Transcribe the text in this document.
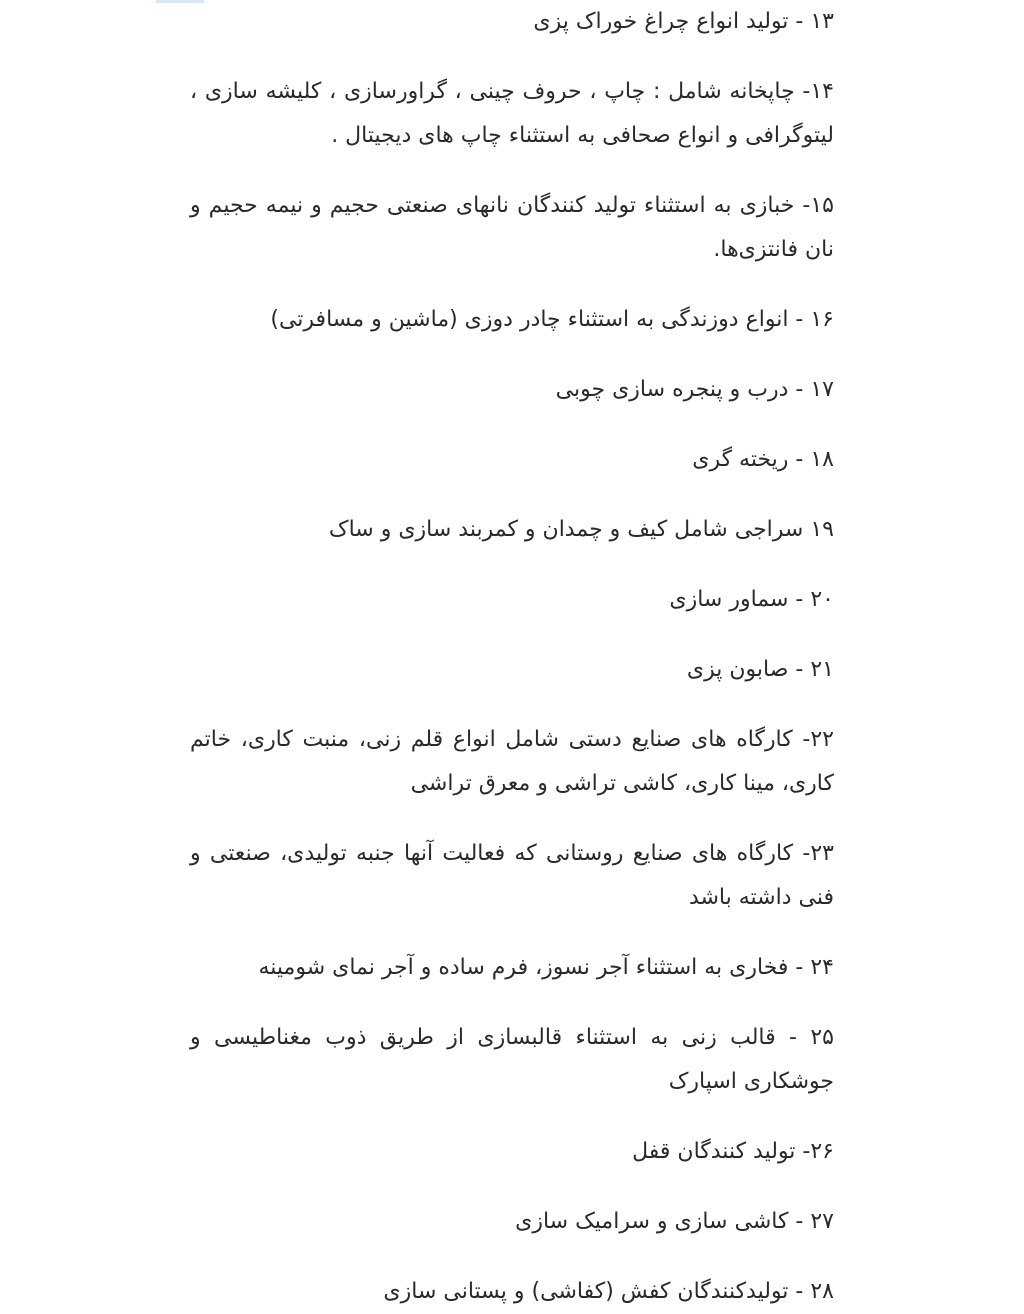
۱۳ - تولید انواع چراغ خوراک پزی
۱۴- چاپخانه شامل : چاپ ، حروف چینی ، گراورسازی ، کلیشه سازی ، لیتوگرافی و انواع صحافی به استثناء چاپ های دیجیتال .
۱۵- خبازی به استثناء تولید کنندگان نانهای صنعتی حجیم و نیمه حجیم و نان فانتزی‌ها.
۱۶ - انواع دوزندگی به استثناء چادر دوزی (ماشین و مسافرتی)
۱۷ - درب و پنجره سازی چوبی
۱۸ - ریخته گری
۱۹ سراجی شامل کیف و چمدان و کمربند سازی و ساک
۲۰ - سماور سازی
۲۱ - صابون پزی
۲۲- کارگاه های صنایع دستی شامل انواع قلم زنی، منبت کاری، خاتم کاری، مینا کاری، کاشی تراشی و معرق تراشی
۲۳- کارگاه های صنایع روستانی که فعالیت آنها جنبه تولیدی، صنعتی و فنی داشته باشد
۲۴ - فخاری به استثناء آجر نسوز، فرم ساده و آجر نمای شومینه
۲۵ - قالب زنی به استثناء قالبسازی از طریق ذوب مغناطیسی و جوشکاری اسپارک
۲۶- تولید کنندگان قفل
۲۷ - کاشی سازی و سرامیک سازی
۲۸ - تولیدکنندگان کفش (کفاشی) و پستانی سازی
